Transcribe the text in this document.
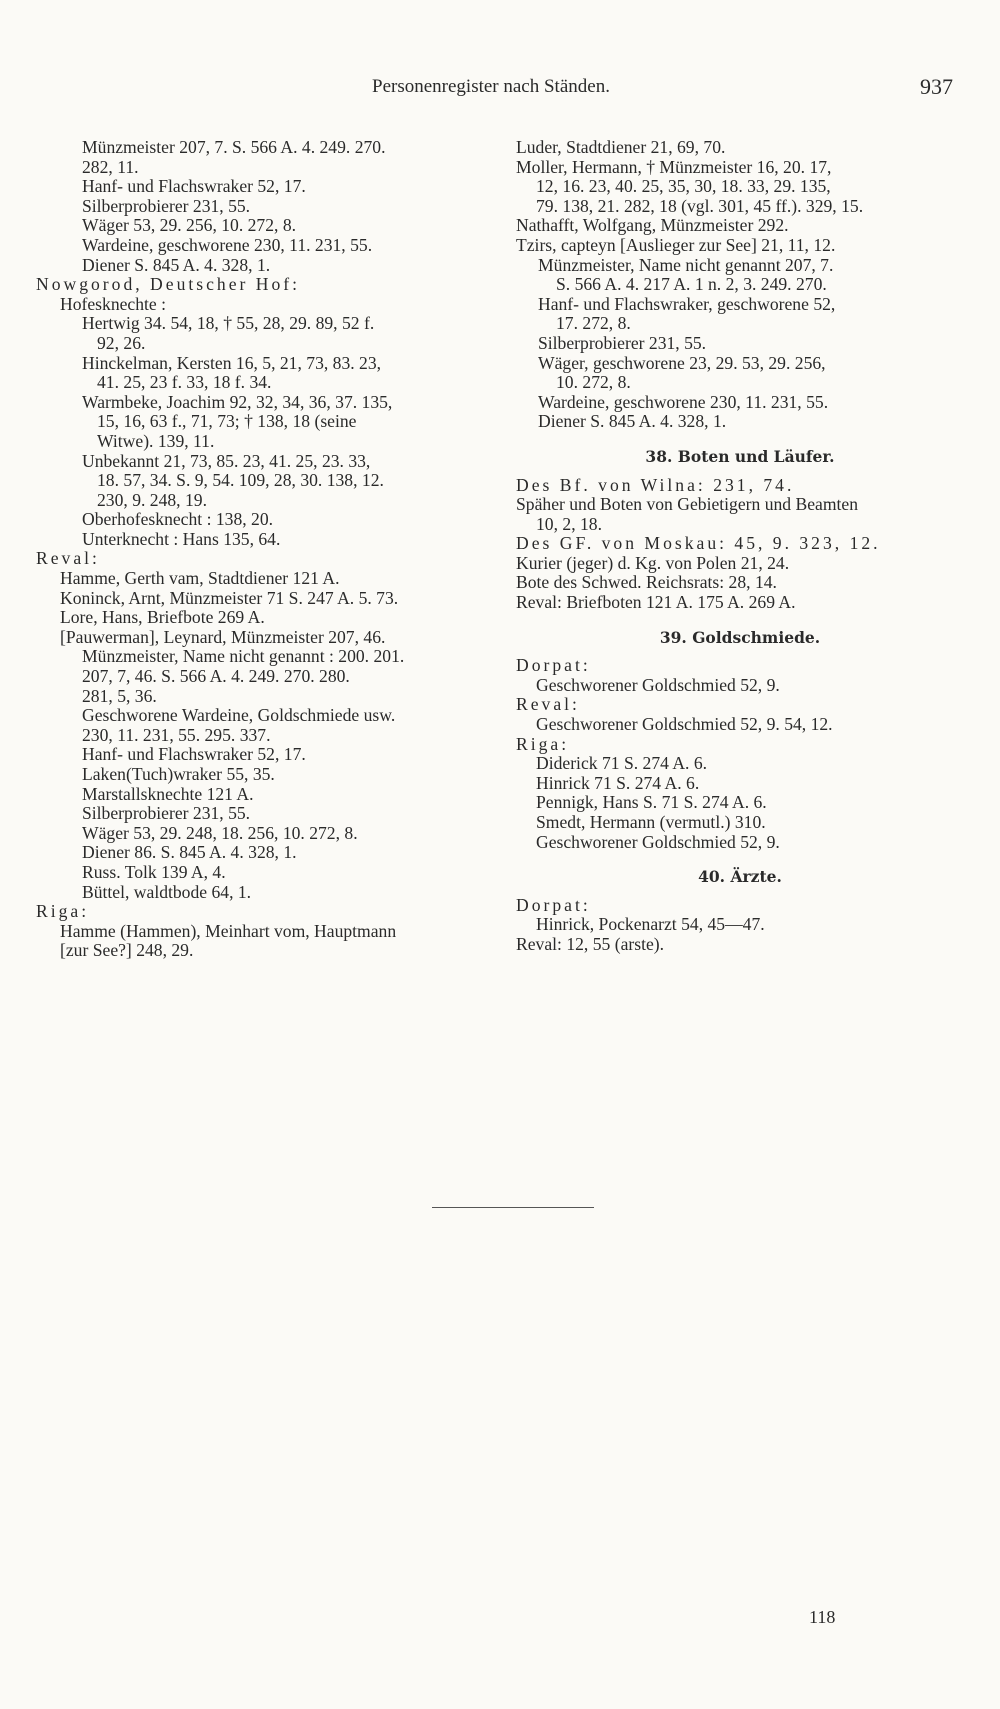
Personenregister nach Ständen.	937
Münzmeister 207, 7. S. 566 A. 4. 249. 270.
282, 11.
Hanf- und Flachswraker 52, 17.
Silberprobierer 231, 55.
Wäger 53, 29. 256, 10. 272, 8.
Wardeine, geschworene 230, 11. 231, 55.
Diener S. 845 A. 4. 328, 1.
Nowgorod, Deutscher Hof:
Hofesknechte :
Hertwig 34. 54, 18, † 55, 28, 29. 89, 52 f.
92, 26.
Hinckelman, Kersten 16, 5, 21, 73, 83. 23,
41. 25, 23 f. 33, 18 f. 34.
Warmbeke, Joachim 92, 32, 34, 36, 37. 135,
15, 16, 63 f., 71, 73; † 138, 18 (seine
Witwe). 139, 11.
Unbekannt 21, 73, 85. 23, 41. 25, 23. 33,
18. 57, 34. S. 9, 54. 109, 28, 30. 138, 12.
230, 9. 248, 19.
Oberhofesknecht : 138, 20.
Unterknecht : Hans 135, 64.
Reval:
Hamme, Gerth vam, Stadtdiener 121 A.
Koninck, Arnt, Münzmeister 71 S. 247 A. 5. 73.
Lore, Hans, Briefbote 269 A.
[Pauwerman], Leynard, Münzmeister 207, 46.
Münzmeister, Name nicht genannt : 200. 201.
207, 7, 46. S. 566 A. 4. 249. 270. 280.
281, 5, 36.
Geschworene Wardeine, Goldschmiede usw.
230, 11. 231, 55. 295. 337.
Hanf- und Flachswraker 52, 17.
Laken(Tuch)wraker 55, 35.
Marstallsknechte 121 A.
Silberprobierer 231, 55.
Wäger 53, 29. 248, 18. 256, 10. 272, 8.
Diener 86. S. 845 A. 4. 328, 1.
Russ. Tolk 139 A, 4.
Büttel, waldtbode 64, 1.
Riga:
Hamme (Hammen), Meinhart vom, Hauptmann
[zur See?] 248, 29.
Luder, Stadtdiener 21, 69, 70.
Moller, Hermann, † Münzmeister 16, 20. 17,
12, 16. 23, 40. 25, 35, 30, 18. 33, 29. 135,
79. 138, 21. 282, 18 (vgl. 301, 45 ff.). 329, 15.
Nathafft, Wolfgang, Münzmeister 292.
Tzirs, capteyn [Auslieger zur See] 21, 11, 12.
Münzmeister, Name nicht genannt 207, 7.
S. 566 A. 4. 217 A. 1 n. 2, 3. 249. 270.
Hanf- und Flachswraker, geschworene 52,
17. 272, 8.
Silberprobierer 231, 55.
Wäger, geschworene 23, 29. 53, 29. 256,
10. 272, 8.
Wardeine, geschworene 230, 11. 231, 55.
Diener S. 845 A. 4. 328, 1.
38. Boten und Läufer.
Des Bf. von Wilna: 231, 74.
Späher und Boten von Gebietigern und Beamten
10, 2, 18.
Des GF. von Moskau: 45, 9. 323, 12.
Kurier (jeger) d. Kg. von Polen 21, 24.
Bote des Schwed. Reichsrats: 28, 14.
Reval: Briefboten 121 A. 175 A. 269 A.
39. Goldschmiede.
Dorpat:
Geschworener Goldschmied 52, 9.
Reval:
Geschworener Goldschmied 52, 9. 54, 12.
Riga:
Diderick 71 S. 274 A. 6.
Hinrick 71 S. 274 A. 6.
Pennigk, Hans S. 71 S. 274 A. 6.
Smedt, Hermann (vermutl.) 310.
Geschworener Goldschmied 52, 9.
40. Ärzte.
Dorpat:
Hinrick, Pockenarzt 54, 45—47.
Reval: 12, 55 (arste).
118
